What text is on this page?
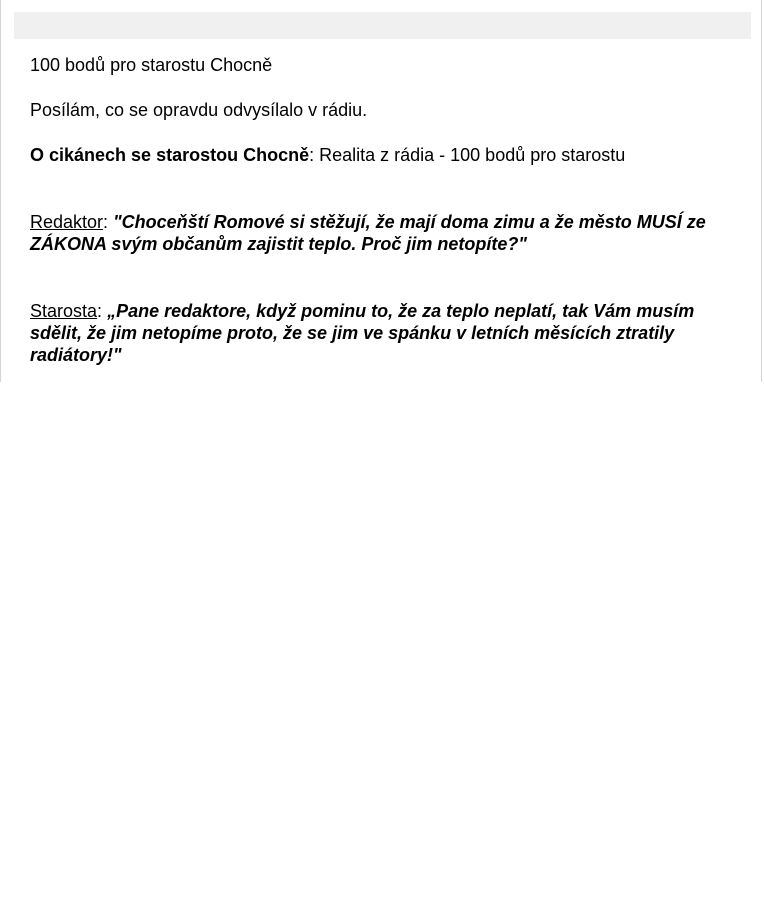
100 bodů pro starostu Chocně

Posílám, co se opravdu odvysílalo v rádiu.

O cikánech se starostou Chocně: Realita z rádia - 100 bodů pro starostu

Redaktor: "Choceňští Romové si stěžují, že mají doma zimu a že město MUSÍ ze ZÁKONA svým občanům zajistit teplo. Proč jim netopíte?"

Starosta: „Pane redaktore, když pominu to, že za teplo neplatí, tak Vám musím sdělit, že jim netopíme proto, že se jim ve spánku v letních měsících ztratily radiátory!"
